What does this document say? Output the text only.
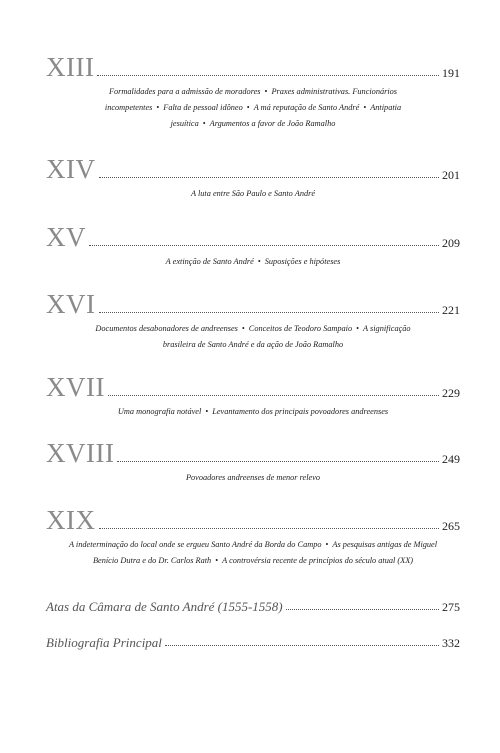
XIII	191
Formalidades para a admissão de moradores • Praxes administrativas. Funcionários
incompetentes • Falta de pessoal idôneo • A má reputação de Santo André • Antipatia
jesuítica • Argumentos a favor de João Ramalho
XIV	201
A luta entre São Paulo e Santo André
XV	209
A extinção de Santo André • Suposições e hipóteses
XVI	221
Documentos desabonadores de andreenses • Conceitos de Teodoro Sampaio • A significação
brasileira de Santo André e da ação de João Ramalho
XVII	229
Uma monografia notável • Levantamento dos principais povoadores andreenses
XVIII	249
Povoadores andreenses de menor relevo
XIX	265
A indeterminação do local onde se ergueu Santo André da Borda do Campo • As pesquisas antigas de Miguel
Benício Dutra e do Dr. Carlos Rath • A controvérsia recente de princípios do século atual (XX)
Atas da Câmara de Santo André (1555-1558)	275
Bibliografia Principal	332
